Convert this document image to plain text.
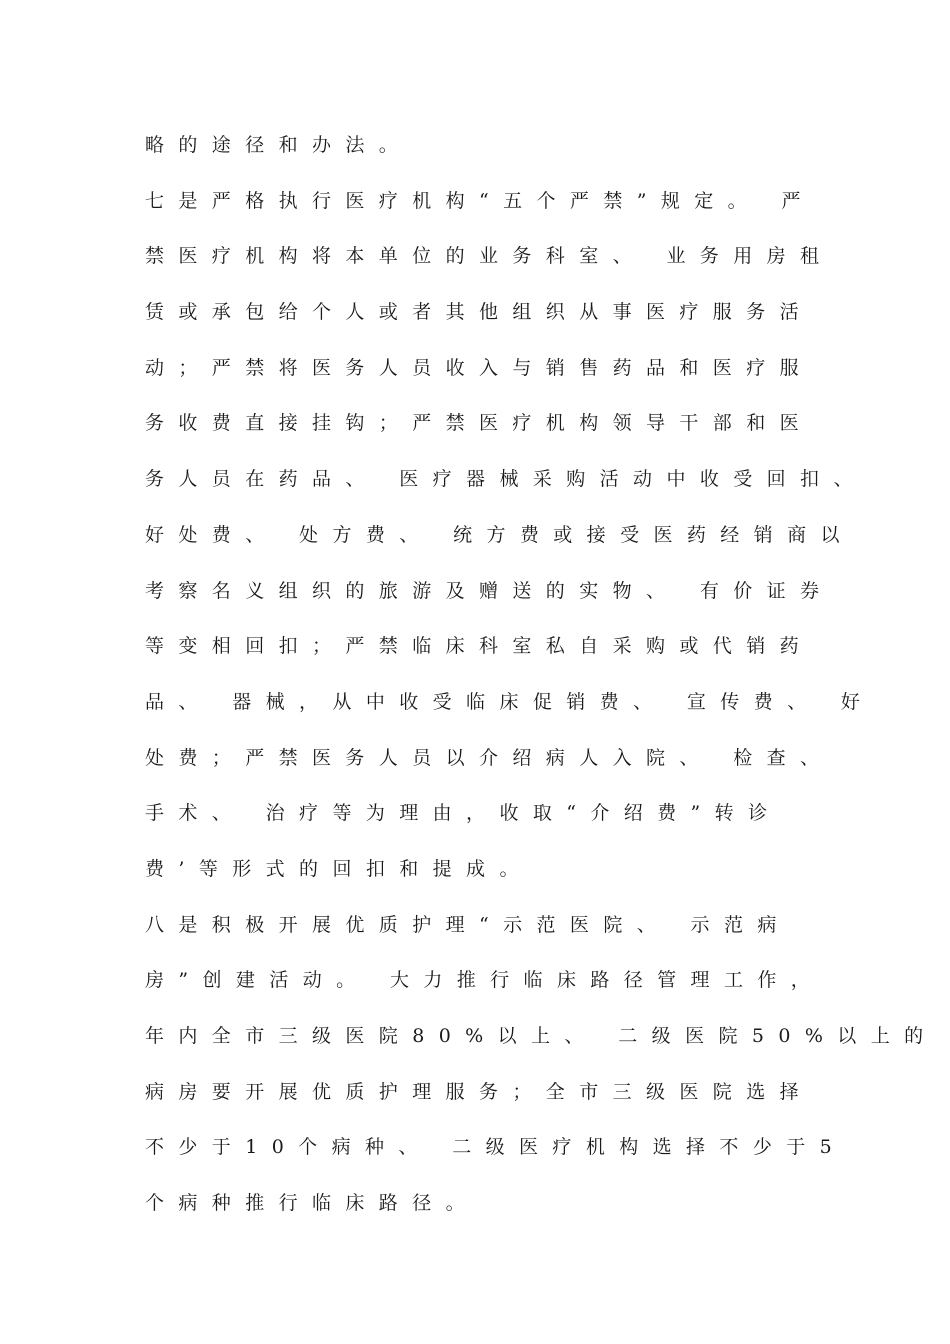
略的途径和办法。
七是严格执行医疗机构“五个严禁”规定。 严
禁医疗机构将本单位的业务科室、 业务用房租
赁或承包给个人或者其他组织从事医疗服务活
动；严禁将医务人员收入与销售药品和医疗服
务收费直接挂钩；严禁医疗机构领导干部和医
务人员在药品、 医疗器械采购活动中收受回扣、
好处费、 处方费、 统方费或接受医药经销商以
考察名义组织的旅游及赠送的实物、 有价证券
等变相回扣；严禁临床科室私自采购或代销药
品、 器械，从中收受临床促销费、 宣传费、 好
处费；严禁医务人员以介绍病人入院、 检查、
手术、 治疗等为理由，收取“介绍费”转诊
费’等形式的回扣和提成。
八是积极开展优质护理“示范医院、 示范病
房”创建活动。 大力推行临床路径管理工作，
年内全市三级医院80%以上、 二级医院50%以上的
病房要开展优质护理服务；全市三级医院选择
不少于10个病种、 二级医疗机构选择不少于5
个病种推行临床路径。
